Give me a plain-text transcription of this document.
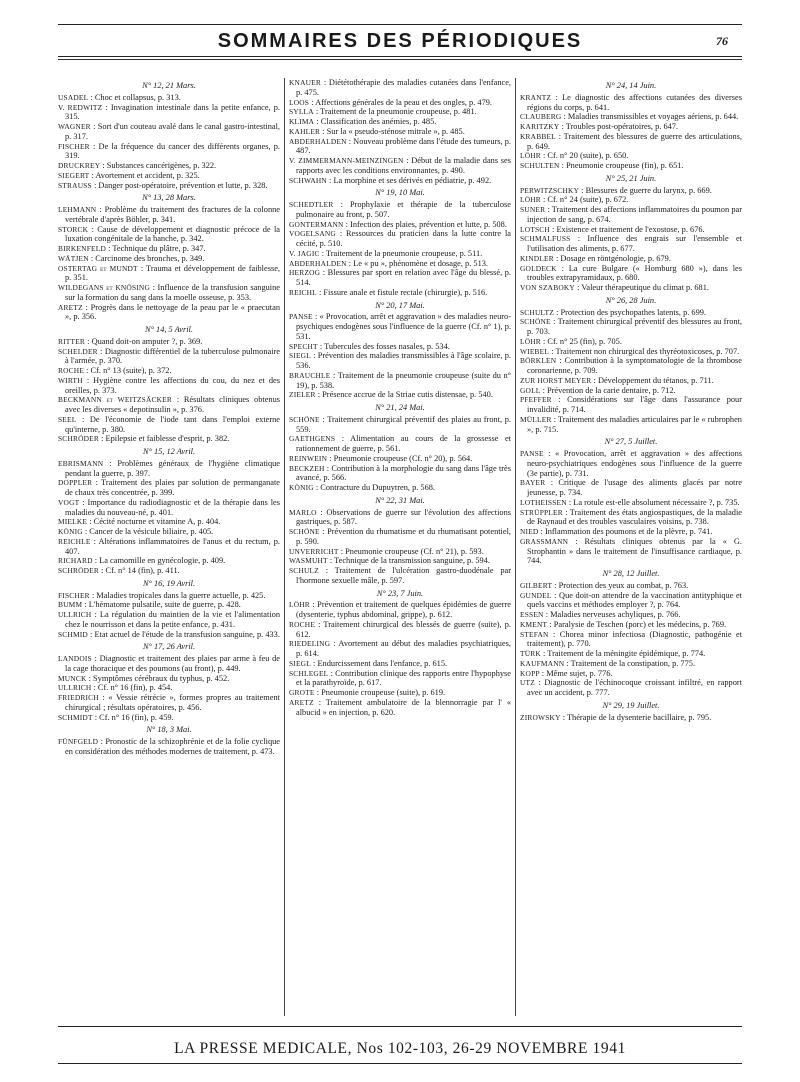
SOMMAIRES DES PÉRIODIQUES	76
N° 12, 21 Mars.

USADEL : Choc et collapsus, p. 313.

V. REDWITZ : Invagination intestinale dans la petite enfance, p. 315.

WAGNER : Sort d'un couteau avalé dans le canal gastro-intestinal, p. 317.

FISCHER : De la fréquence du cancer des différents organes, p. 319.

DRUCKREY : Substances cancérigènes, p. 322.

SIEGERT : Avortement et accident, p. 325.

STRAUSS : Danger post-opératoire, prévention et lutte, p. 328.

N° 13, 28 Mars.

LEHMANN : Problème du traitement des fractures de la colonne vertébrale d'après Böhler, p. 341.

STORCK : Cause de développement et diagnostic précoce de la luxation congénitale de la hanche, p. 342.

BIRKENFELD : Technique du plâtre, p. 347.

WÄTJEN : Carcinome des bronches, p. 349.

OSTERTAG et MUNDT : Trauma et développement de faiblesse, p. 351.

WILDEGANS et KNÖSING : Influence de la transfusion sanguine sur la formation du sang dans la moelle osseuse, p. 353.

ARETZ : Progrès dans le nettoyage de la peau par le « praecutan », p. 356.

N° 14, 5 Avril.

RITTER : Quand doit-on amputer ?, p. 369.

SCHELDER : Diagnostic différentiel de la tuberculose pulmonaire à l'armée, p. 370.

ROCHE : Cf. n° 13 (suite), p. 372.

WIRTH : Hygiène contre les affections du cou, du nez et des oreilles, p. 373.

BECKMANN et WEITZSÄCKER : Résultats cliniques obtenus avec les diverses « depotinsulin », p. 376.

SEEL : De l'économie de l'iode tant dans l'emploi externe qu'interne, p. 380.

SCHRÖDER : Epilepsie et faiblesse d'esprit, p. 382.

N° 15, 12 Avril.

EBRISMANN : Problèmes généraux de l'hygiène climatique pendant la guerre, p. 397.

DOPPLER : Traitement des plaies par solution de permanganate de chaux très concentrée, p. 399.

VOGT : Importance du radiodiagnostic et de la thérapie dans les maladies du nouveau-né, p. 401.

MIELKE : Cécité nocturne et vitamine A, p. 404.

KÖNIG : Cancer de la vésicule biliaire, p. 405.

REICHLE : Altérations inflammatoires de l'anus et du rectum, p. 407.

RICHARD : La camomille en gynécologie, p. 409.

SCHRÖDER : Cf. n° 14 (fin), p. 411.

N° 16, 19 Avril.

FISCHER : Maladies tropicales dans la guerre actuelle, p. 425.

BUMM : L'hématome pulsatile, suite de guerre, p. 428.

ULLRICH : La régulation du maintien de la vie et l'alimentation chez le nourrisson et dans la petite enfance, p. 431.

SCHMID : Etat actuel de l'étude de la transfusion sanguine, p. 433.

N° 17, 26 Avril.

LANDOIS : Diagnostic et traitement des plaies par arme à feu de la cage thoracique et des poumons (au front), p. 449.

MUNCK : Symptômes cérébraux du typhus, p. 452.

ULLRICH : Cf. n° 16 (fin), p. 454.

FRIEDRICH : « Vessie rétrécie », formes propres au traitement chirurgical ; résultats opératoires, p. 456.

SCHMIDT : Cf. n° 16 (fin), p. 459.

N° 18, 3 Mai.

FÜNFGELD : Pronostic de la schizophrénie et de la folie cyclique en considération des méthodes modernes de traitement, p. 473.

KNAUER : Diététothérapie des maladies cutanées dans l'enfance, p. 475.

LOOS : Affections générales de la peau et des ongles, p. 479.

SYLLA : Traitement de la pneumonie croupeuse, p. 481.

KLIMA : Classification des anémies, p. 485.

KAHLER : Sur la « pseudo-sténose mitrale », p. 485.

ABDERHALDEN : Nouveau problème dans l'étude des tumeurs, p. 487.

V. ZIMMERMANN-MEINZINGEN : Début de la maladie dans ses rapports avec les conditions environnantes, p. 490.

SCHWAHN : La morphine et ses dérivés en pédiatrie, p. 492.

N° 19, 10 Mai.

SCHEDTLER : Prophylaxie et thérapie de la tuberculose pulmonaire au front, p. 507.

GONTERMANN : Infection des plaies, prévention et lutte, p. 508.

VOGELSANG : Ressources du praticien dans la lutte contre la cécité, p. 510.

V. JAGIC : Traitement de la pneumonie croupeuse, p. 511.

ABDERHALDEN : Le « pu », phénomène et dosage, p. 513.

HERZOG : Blessures par sport en relation avec l'âge du blessé, p. 514.

REICHL : Fissure anale et fistule rectale (chirurgie), p. 516.

N° 20, 17 Mai.

PANSE : « Provocation, arrêt et aggravation » des maladies neuro-psychiques endogènes sous l'influence de la guerre (Cf. n° 1), p. 531.

SPECHT : Tubercules des fosses nasales, p. 534.

SIEGL : Prévention des maladies transmissibles à l'âge scolaire, p. 536.

BRAUCHLE : Traitement de la pneumonie croupeuse (suite du n° 19), p. 538.

ZIELER : Présence accrue de la Striae cutis distensae, p. 540.

N° 21, 24 Mai.

SCHÖNE : Traitement chirurgical préventif des plaies au front, p. 559.

GAETHGENS : Alimentation au cours de la grossesse et rationnement de guerre, p. 561.

REINWEIN : Pneumonie croupeuse (Cf. n° 20), p. 564.

BECKZEH : Contribution à la morphologie du sang dans l'âge très avancé, p. 566.

KÖNIG : Contracture du Dupuytren, p. 568.

N° 22, 31 Mai.

MARLO : Observations de guerre sur l'évolution des affections gastriques, p. 587.

SCHÖNE : Prévention du rhumatisme et du rhumatisant potentiel, p. 590.

UNVERRICHT : Pneumonie croupeuse (Cf. n° 21), p. 593.

WASMUHT : Technique de la transmission sanguine, p. 594.

SCHULZ : Traitement de l'ulcération gastro-duodénale par l'hormone sexuelle mâle, p. 597.

N° 23, 7 Juin.

LÖHR : Prévention et traitement de quelques épidémies de guerre (dysenterie, typhus abdominal, grippe), p. 612.

ROCHE : Traitement chirurgical des blessés de guerre (suite), p. 612.

RIEDELING : Avortement au début des maladies psychiatriques, p. 614.

SIEGL : Endurcissement dans l'enfance, p. 615.

SCHLEGEL : Contribution clinique des rapports entre l'hypophyse et la parathyroïde, p. 617.

GROTE : Pneumonie croupeuse (suite), p. 619.

ARETZ : Traitement ambulatoire de la blennorragie par l' « albucid » en injection, p. 620.

N° 24, 14 Juin.

KRANTZ : Le diagnostic des affections cutanées des diverses régions du corps, p. 641.

CLAUBERG : Maladies transmissibles et voyages aériens, p. 644.

KARITZKY : Troubles post-opératoires, p. 647.

KRABBEL : Traitement des blessures de guerre des articulations, p. 649.

LÖHR : Cf. n° 20 (suite), p. 650.

SCHULTEN : Pneumonie croupeuse (fin), p. 651.

N° 25, 21 Juin.

PERWITZSCHKY : Blessures de guerre du larynx, p. 669.

LÖHR : Cf. n° 24 (suite), p. 672.

SUNER : Traitement des affections inflammatoires du poumon par injection de sang, p. 674.

LOTSCH : Existence et traitement de l'exostose, p. 676.

SCHMALFUSS : Influence des engrais sur l'ensemble et l'utilisation des aliments, p. 677.

KINDLER : Dosage en röntgénologie, p. 679.

GOLDECK : La cure Bulgare (« Homburg 680 »), dans les troubles extrapyramidaux, p. 680.

VON SZABOKY : Valeur thérapeutique du climat p. 681.

N° 26, 28 Juin.

SCHULTZ : Protection des psychopathes latents, p. 699.

SCHÖNE : Traitement chirurgical préventif des blessures au front, p. 703.

LÖHR : Cf. n° 25 (fin), p. 705.

WIEBEL : Traitement non chirurgical des thyréotoxicoses, p. 707.

BÖRKLEN : Contribution à la symptomatologie de la thrombose coronarienne, p. 709.

ZUR HORST MEYER : Développement du tétanos, p. 711.

GOLL : Prévention de la carie dentaire, p. 712.

PFEFFER : Considérations sur l'âge dans l'assurance pour invalidité, p. 714.

MÜLLER : Traitement des maladies articulaires par le « rubrophen », p. 715.

N° 27, 5 Juillet.

PANSE : « Provocation, arrêt et aggravation » des affections neuro-psychiatriques endogènes sous l'influence de la guerre (3e partie), p. 731.

BAYER : Critique de l'usage des aliments glacés par notre jeunesse, p. 734.

LOTHEISSEN : La rotule est-elle absolument nécessaire ?, p. 735.

STRÜPPLER : Traitement des états angiospastiques, de la maladie de Raynaud et des troubles vasculaires voisins, p. 738.

NIED : Inflammation des poumons et de la plèvre, p. 741.

GRASSMANN : Résultats cliniques obtenus par la « G. Strophantin » dans le traitement de l'insuffisance cardiaque, p. 744.

N° 28, 12 Juillet.

GILBERT : Protection des yeux au combat, p. 763.

GUNDEL : Que doit-on attendre de la vaccination antityphique et quels vaccins et méthodes employer ?, p. 764.

ESSEN : Maladies nerveuses achyliques, p. 766.

KMENT : Paralysie de Teschen (porc) et les médecins, p. 769.

STEFAN : Chorea minor infectiosa (Diagnostic, pathogénie et traitement), p. 770.

TÜRK : Traitement de la méningite épidémique, p. 774.

KAUFMANN : Traitement de la constipation, p. 775.

KOPP : Même sujet, p. 776.

UTZ : Diagnostic de l'échinocoque croissant infiltré, en rapport avec un accident, p. 777.

N° 29, 19 Juillet.

ZIROWSKY : Thérapie de la dysenterie bacillaire, p. 795.

LA PRESSE MEDICALE, Nos 102-103, 26-29 NOVEMBRE 1941
